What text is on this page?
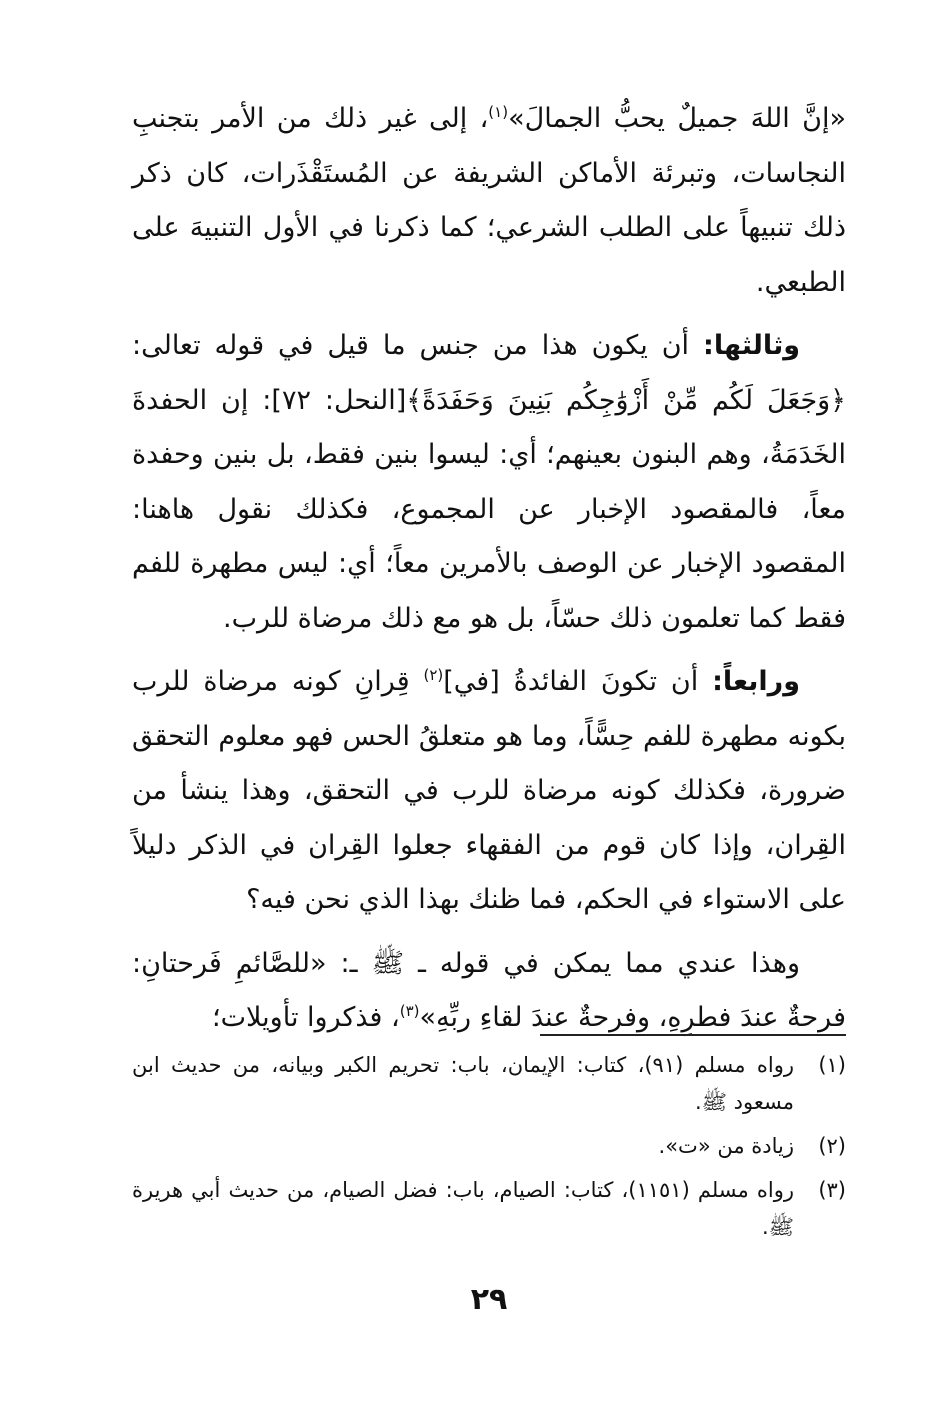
«إنَّ اللهَ جميلٌ يحبُّ الجمالَ»$^{(١)}$، إلى غير ذلك من الأمر بتجنبِ النجاسات، وتبرئة الأماكن الشريفة عن المُستَقْذَرات، كان ذكر ذلك تنبيهاً على الطلب الشرعي؛ كما ذكرنا في الأول التنبيهَ على الطبعي.

وثالثها: أن يكون هذا من جنس ما قيل في قوله تعالى: ﴿وَجَعَلَ لَكُم مِّنْ أَزْوَٰجِكُم بَنِينَ وَحَفَدَةً﴾[النحل: ٧٢]: إن الحفدةَ الخَدَمَةُ، وهم البنون بعينهم؛ أي: ليسوا بنين فقط، بل بنين وحفدة معاً، فالمقصود الإخبار عن المجموع، فكذلك نقول هاهنا: المقصود الإخبار عن الوصف بالأمرين معاً؛ أي: ليس مطهرة للفم فقط كما تعلمون ذلك حسّاً، بل هو مع ذلك مرضاة للرب.

ورابعاً: أن تكونَ الفائدةُ [في]$^{(٢)}$ قِرانِ كونه مرضاة للرب بكونه مطهرة للفم حِسًّاً، وما هو متعلقُ الحس فهو معلوم التحقق ضرورة، فكذلك كونه مرضاة للرب في التحقق، وهذا ينشأ من القِران، وإذا كان قوم من الفقهاء جعلوا القِران في الذكر دليلاً على الاستواء في الحكم، فما ظنك بهذا الذي نحن فيه؟

وهذا عندي مما يمكن في قوله ـ ﷺ ـ: «للصَّائمِ فَرحتانِ: فرحةٌ عندَ فطرِهِ، وفرحةٌ عندَ لقاءِ ربِّهِ»$^{(٣)}$، فذكروا تأويلات؛

(١)رواه مسلم (٩١)، كتاب: الإيمان، باب: تحريم الكبر وبيانه، من حديث ابن مسعود ﷺ.

(٢)زيادة من «ت».

(٣)رواه مسلم (١١٥١)، كتاب: الصيام، باب: فضل الصيام، من حديث أبي هريرة ﷺ.

٢٩
